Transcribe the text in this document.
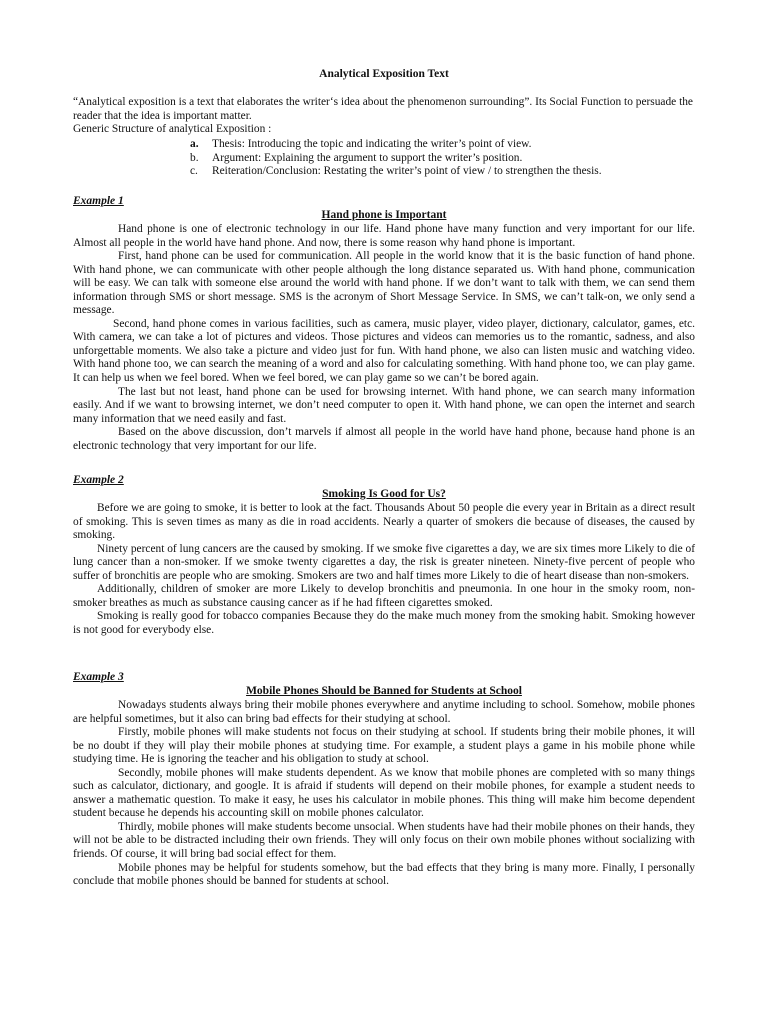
Analytical Exposition Text
“Analytical exposition is a text that elaborates the writer‘s idea about the phenomenon surrounding”. Its Social Function to persuade the reader that the idea is important matter.
Generic Structure of analytical Exposition :
a.	Thesis: Introducing the topic and indicating the writer’s point of view.
b.	Argument: Explaining the argument to support the writer’s position.
c.	Reiteration/Conclusion: Restating the writer’s point of view / to strengthen the thesis.
Example 1
Hand phone is Important

Hand phone is one of electronic technology in our life. Hand phone have many function and very important for our life. Almost all people in the world have hand phone. And now, there is some reason why hand phone is important.

First, hand phone can be used for communication. All people in the world know that it is the basic function of hand phone. With hand phone, we can communicate with other people although the long distance separated us. With hand phone, communication will be easy. We can talk with someone else around the world with hand phone. If we don’t want to talk with them, we can send them information through SMS or short message. SMS is the acronym of Short Message Service. In SMS, we can’t talk-on, we only send a message.

Second, hand phone comes in various facilities, such as camera, music player, video player, dictionary, calculator, games, etc. With camera, we can take a lot of pictures and videos. Those pictures and videos can memories us to the romantic, sadness, and also unforgettable moments. We also take a picture and video just for fun. With hand phone, we also can listen music and watching video. With hand phone too, we can search the meaning of a word and also for calculating something. With hand phone too, we can play game. It can help us when we feel bored. When we feel bored, we can play game so we can’t be bored again.

The last but not least, hand phone can be used for browsing internet. With hand phone, we can search many information easily. And if we want to browsing internet, we don’t need computer to open it. With hand phone, we can open the internet and search many information that we need easily and fast.

Based on the above discussion, don’t marvels if almost all people in the world have hand phone, because hand phone is an electronic technology that very important for our life.

Example 2
Smoking Is Good for Us?

Before we are going to smoke, it is better to look at the fact. Thousands About 50 people die every year in Britain as a direct result of smoking. This is seven times as many as die in road accidents. Nearly a quarter of smokers die because of diseases, the caused by smoking.

Ninety percent of lung cancers are the caused by smoking. If we smoke five cigarettes a day, we are six times more Likely to die of lung cancer than a non-smoker. If we smoke twenty cigarettes a day, the risk is greater nineteen. Ninety-five percent of people who suffer of bronchitis are people who are smoking. Smokers are two and half times more Likely to die of heart disease than non-smokers.

Additionally, children of smoker are more Likely to develop bronchitis and pneumonia. In one hour in the smoky room, non-smoker breathes as much as substance causing cancer as if he had fifteen cigarettes smoked.

Smoking is really good for tobacco companies Because they do the make much money from the smoking habit. Smoking however is not good for everybody else.

Example 3
Mobile Phones Should be Banned for Students at School

Nowadays students always bring their mobile phones everywhere and anytime including to school. Somehow, mobile phones are helpful sometimes, but it also can bring bad effects for their studying at school.

Firstly, mobile phones will make students not focus on their studying at school. If students bring their mobile phones, it will be no doubt if they will play their mobile phones at studying time. For example, a student plays a game in his mobile phone while studying time. He is ignoring the teacher and his obligation to study at school.

Secondly, mobile phones will make students dependent. As we know that mobile phones are completed with so many things such as calculator, dictionary, and google. It is afraid if students will depend on their mobile phones, for example a student needs to answer a mathematic question. To make it easy, he uses his calculator in mobile phones. This thing will make him become dependent student because he depends his accounting skill on mobile phones calculator.

Thirdly, mobile phones will make students become unsocial. When students have had their mobile phones on their hands, they will not be able to be distracted including their own friends. They will only focus on their own mobile phones without socializing with friends. Of course, it will bring bad social effect for them.

Mobile phones may be helpful for students somehow, but the bad effects that they bring is many more. Finally, I personally conclude that mobile phones should be banned for students at school.
